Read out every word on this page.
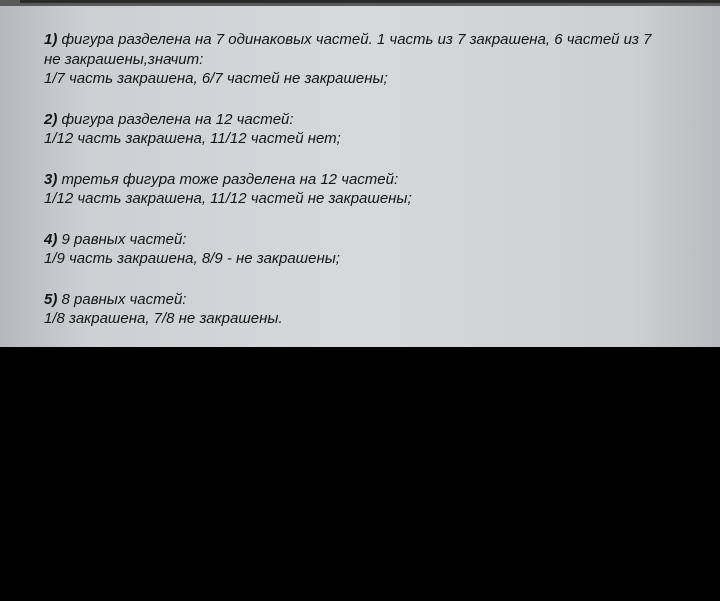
1) фигура разделена на 7 одинаковых частей. 1 часть из 7 закрашена, 6 частей из 7
не закрашены,значит:
1/7 часть закрашена, 6/7 частей не закрашены;
2) фигура разделена на 12 частей:
1/12 часть закрашена, 11/12 частей нет;
3) третья фигура тоже разделена на 12 частей:
1/12 часть закрашена, 11/12 частей не закрашены;
4) 9 равных частей:
1/9 часть закрашена, 8/9 - не закрашены;
5) 8 равных частей:
1/8 закрашена, 7/8 не закрашены.
